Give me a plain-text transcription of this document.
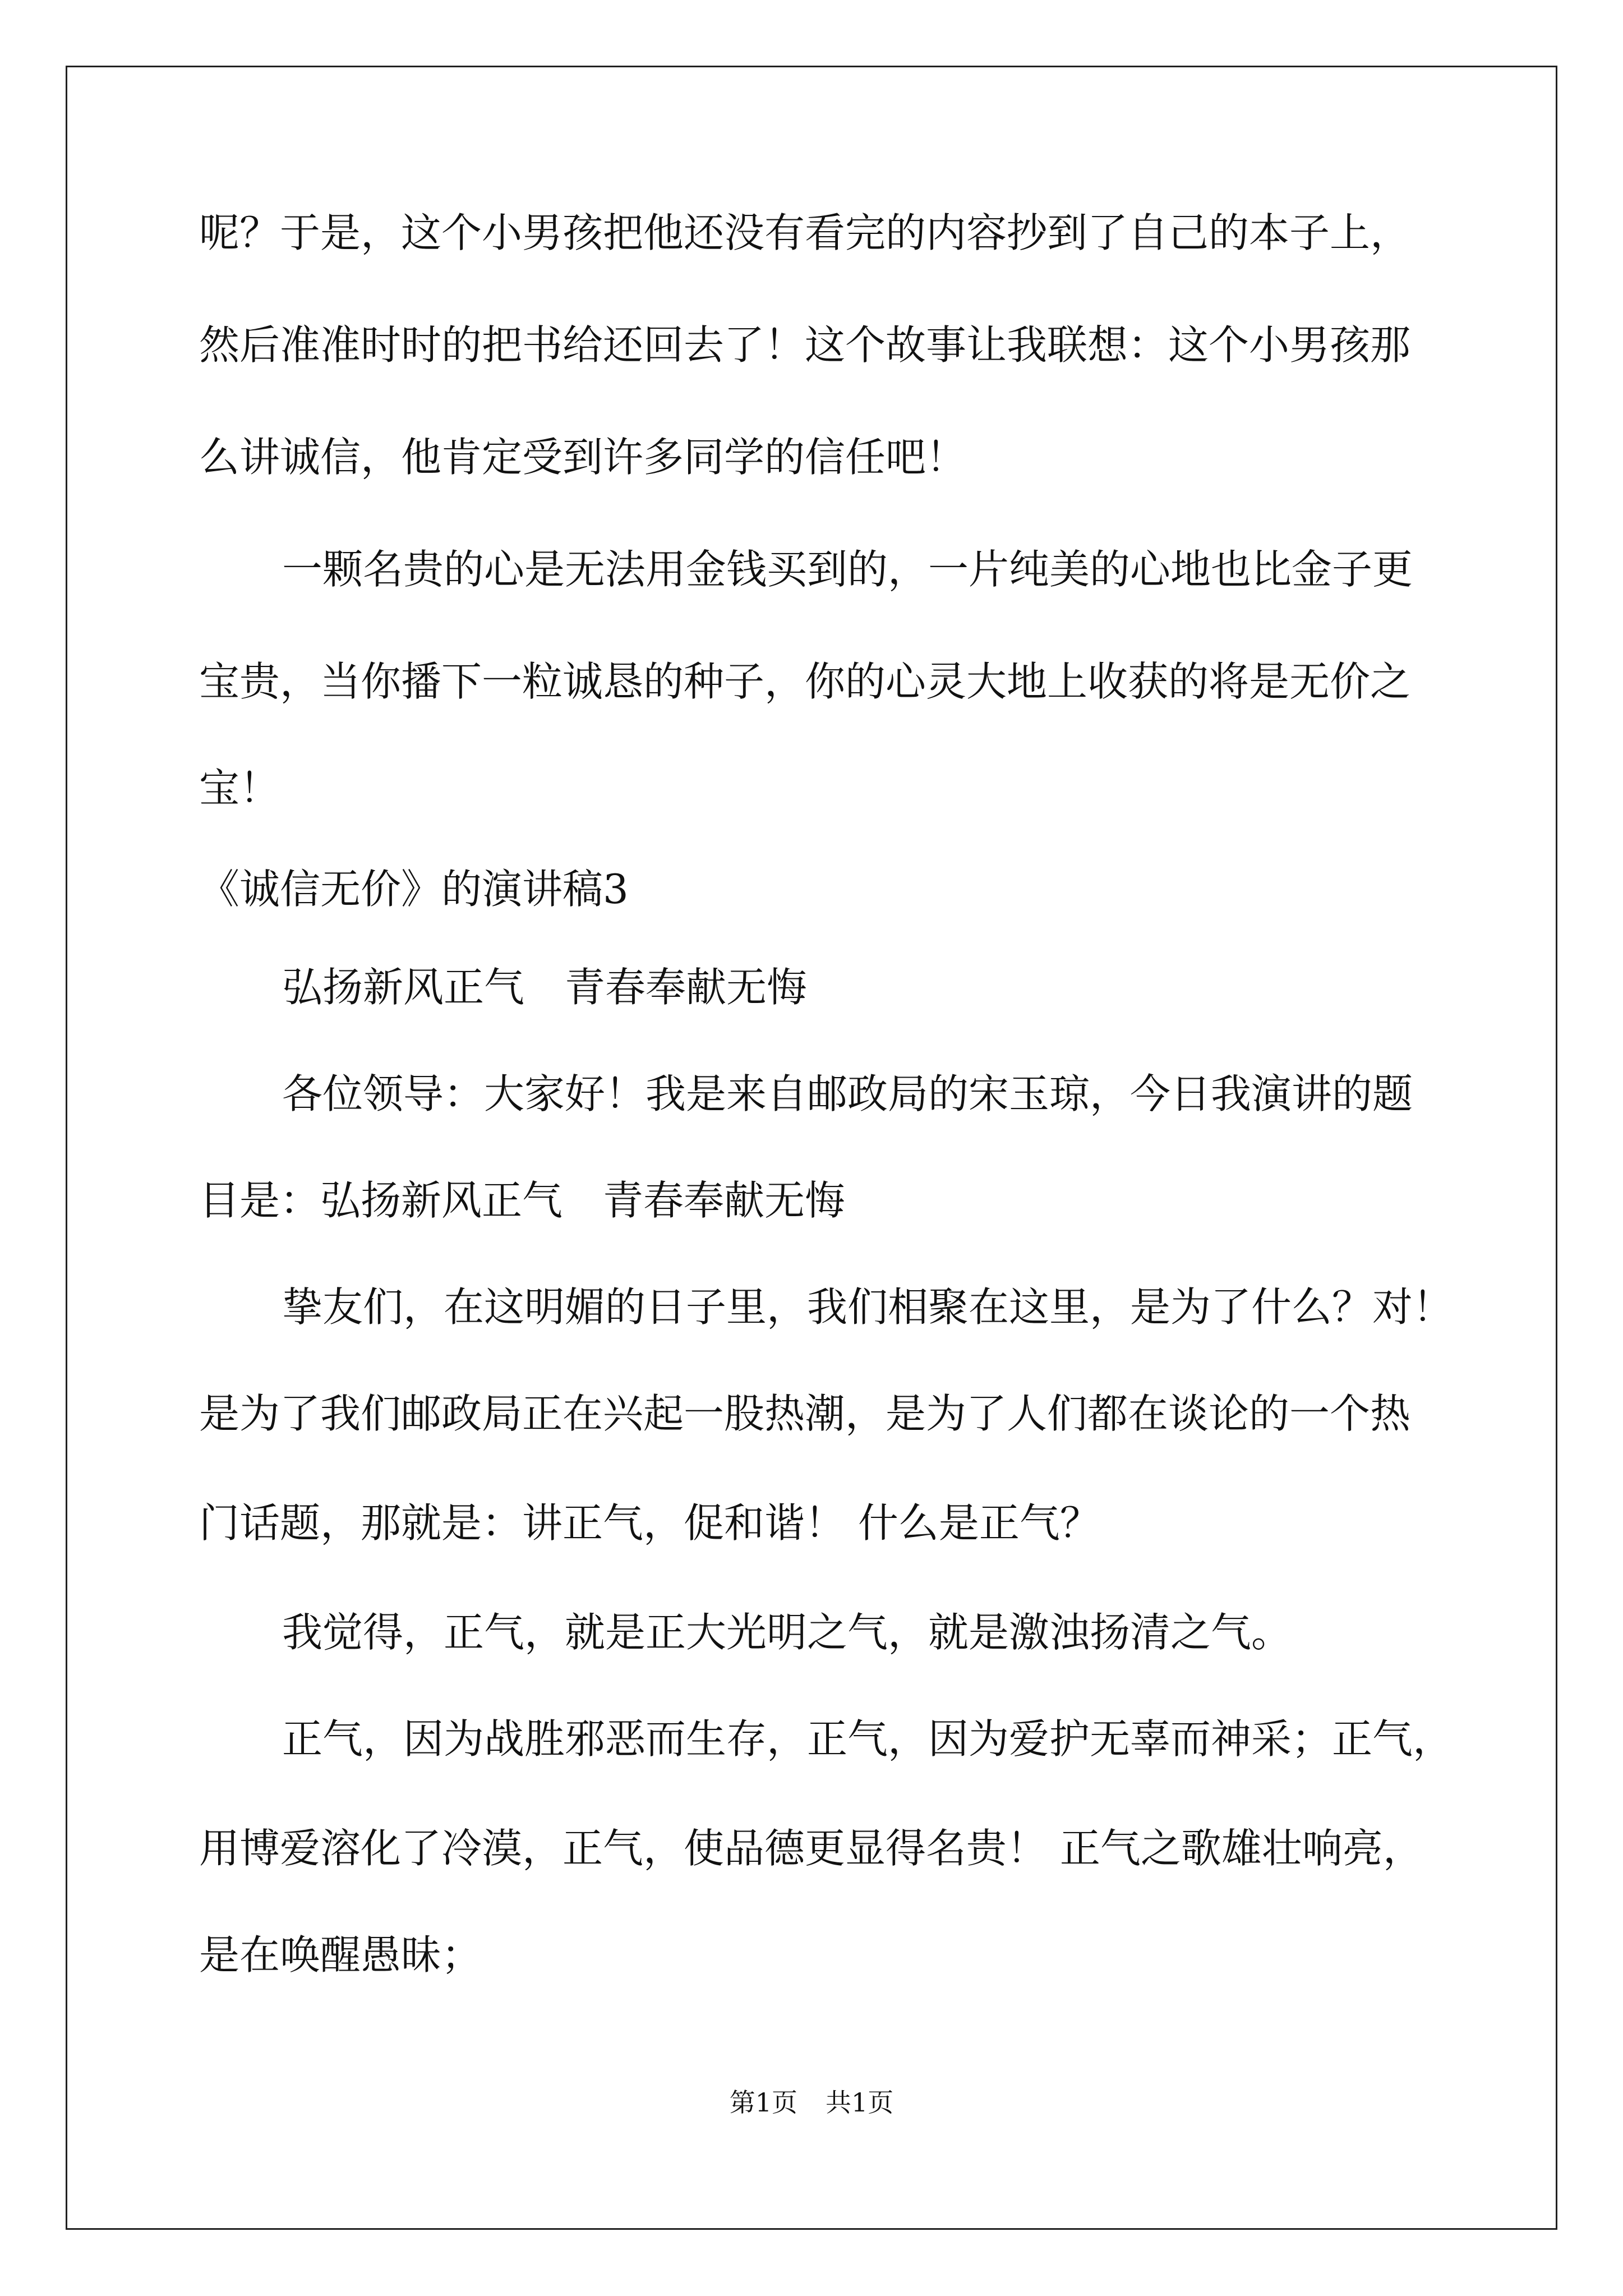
呢？于是，这个小男孩把他还没有看完的内容抄到了自己的本子上，
然后准准时时的把书给还回去了！这个故事让我联想：这个小男孩那
么讲诚信，他肯定受到许多同学的信任吧！
一颗名贵的心是无法用金钱买到的，一片纯美的心地也比金子更
宝贵，当你播下一粒诚恳的种子，你的心灵大地上收获的将是无价之
宝！
《诚信无价》的演讲稿3
弘扬新风正气　青春奉献无悔
各位领导：大家好！我是来自邮政局的宋玉琼，今日我演讲的题
目是：弘扬新风正气　青春奉献无悔
挚友们，在这明媚的日子里，我们相聚在这里，是为了什么？对！
是为了我们邮政局正在兴起一股热潮，是为了人们都在谈论的一个热
门话题，那就是：讲正气，促和谐！ 什么是正气？
我觉得，正气，就是正大光明之气，就是激浊扬清之气。
正气，因为战胜邪恶而生存，正气，因为爱护无辜而神采；正气，
用博爱溶化了冷漠，正气，使品德更显得名贵！ 正气之歌雄壮响亮，
是在唤醒愚昧；
第1页 共1页
